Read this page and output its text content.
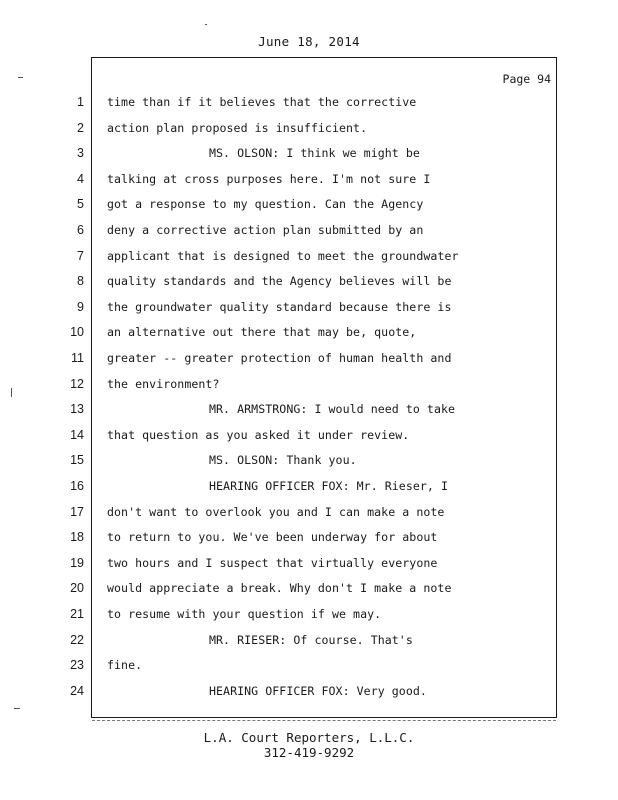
June 18, 2014
Page 94
1
2
3
4
5
6
7
8
9
10
11
12
13
14
15
16
17
18
19
20
21
22
23
24
time than if it believes that the corrective
action plan proposed is insufficient.
MS. OLSON: I think we might be
talking at cross purposes here. I'm not sure I
got a response to my question. Can the Agency
deny a corrective action plan submitted by an
applicant that is designed to meet the groundwater
quality standards and the Agency believes will be
the groundwater quality standard because there is
an alternative out there that may be, quote,
greater -- greater protection of human health and
the environment?
MR. ARMSTRONG: I would need to take
that question as you asked it under review.
MS. OLSON: Thank you.
HEARING OFFICER FOX: Mr. Rieser, I
don't want to overlook you and I can make a note
to return to you. We've been underway for about
two hours and I suspect that virtually everyone
would appreciate a break. Why don't I make a note
to resume with your question if we may.
MR. RIESER: Of course. That's
fine.
HEARING OFFICER FOX: Very good.
L.A. Court Reporters, L.L.C.
312-419-9292
